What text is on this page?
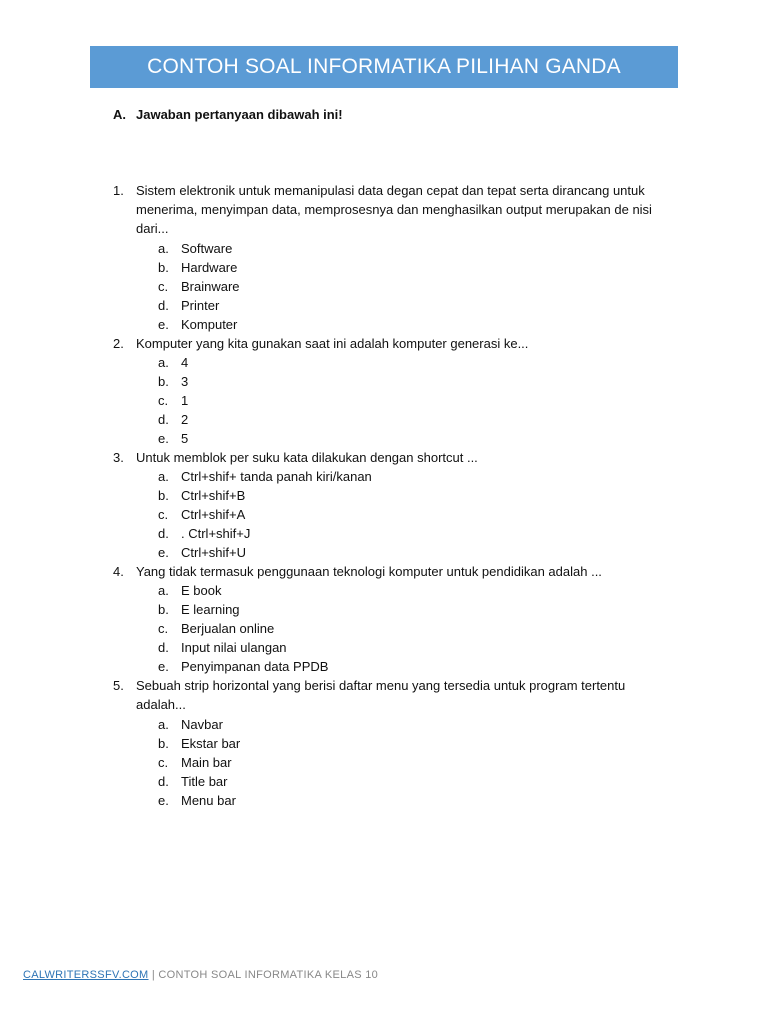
CONTOH SOAL INFORMATIKA PILIHAN GANDA
A. Jawaban pertanyaan dibawah ini!
1. Sistem elektronik untuk memanipulasi data degan cepat dan tepat serta dirancang untuk menerima, menyimpan data, memprosesnya dan menghasilkan output merupakan de nisi dari...
a. Software
b. Hardware
c. Brainware
d. Printer
e. Komputer
2. Komputer yang kita gunakan saat ini adalah komputer generasi ke...
a. 4
b. 3
c. 1
d. 2
e. 5
3. Untuk memblok per suku kata dilakukan dengan shortcut ...
a. Ctrl+shif+ tanda panah kiri/kanan
b. Ctrl+shif+B
c. Ctrl+shif+A
d. . Ctrl+shif+J
e. Ctrl+shif+U
4. Yang tidak termasuk penggunaan teknologi komputer untuk pendidikan adalah ...
a. E book
b. E learning
c. Berjualan online
d. Input nilai ulangan
e. Penyimpanan data PPDB
5. Sebuah strip horizontal yang berisi daftar menu yang tersedia untuk program tertentu adalah...
a. Navbar
b. Ekstar bar
c. Main bar
d. Title bar
e. Menu bar
CALWRITERSSFV.COM | CONTOH SOAL INFORMATIKA KELAS 10
